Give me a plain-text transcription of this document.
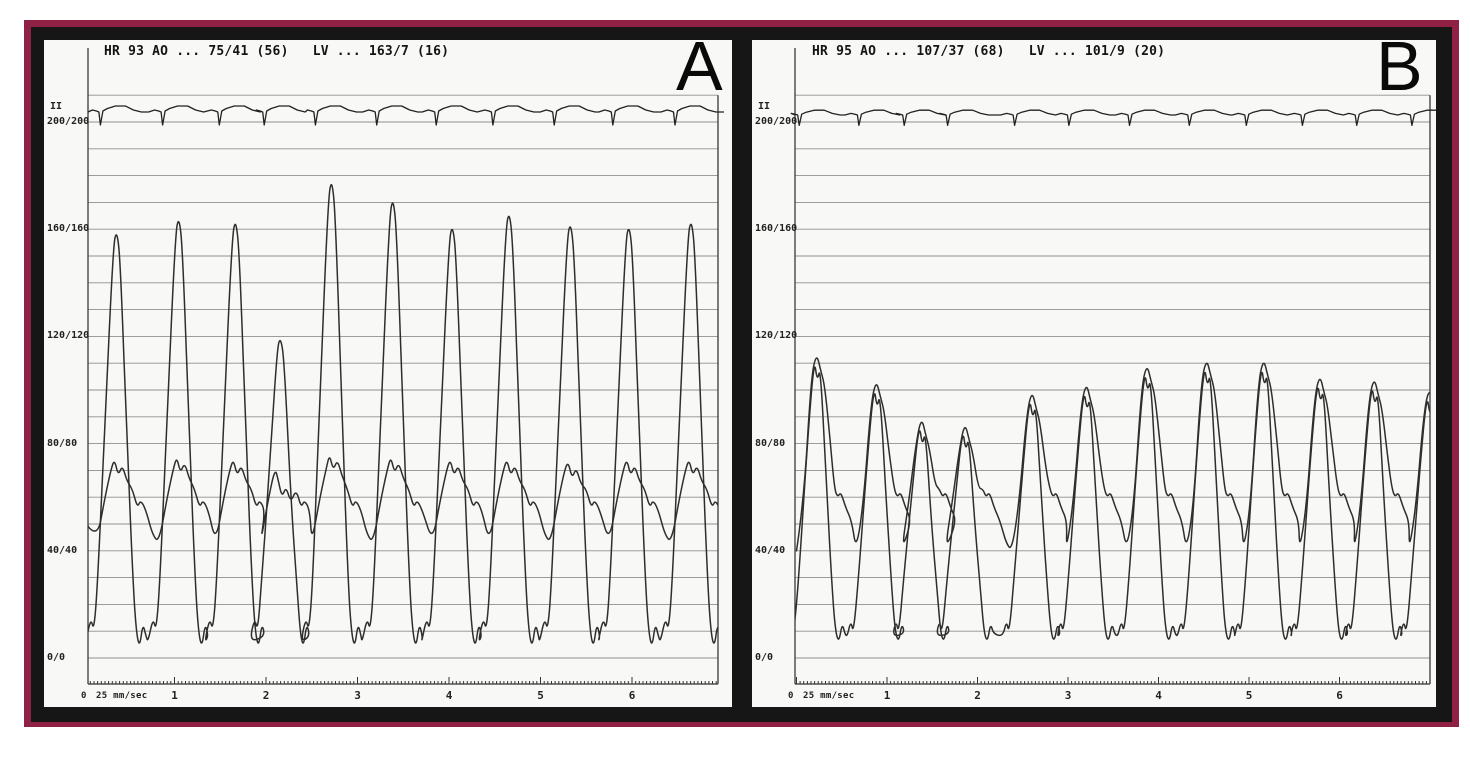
HR 93 AO ... 75/41 (56)   LV ... 163/7 (16)	A
II
200/200
160/160
120/120
80/80
40/40
0/0
1	2	3	4	5	6
0	25 mm/sec
HR 95 AO ... 107/37 (68)   LV ... 101/9 (20)	B
II
200/200
160/160
120/120
80/80
40/40
0/0
1	2	3	4	5	6
0	25 mm/sec
